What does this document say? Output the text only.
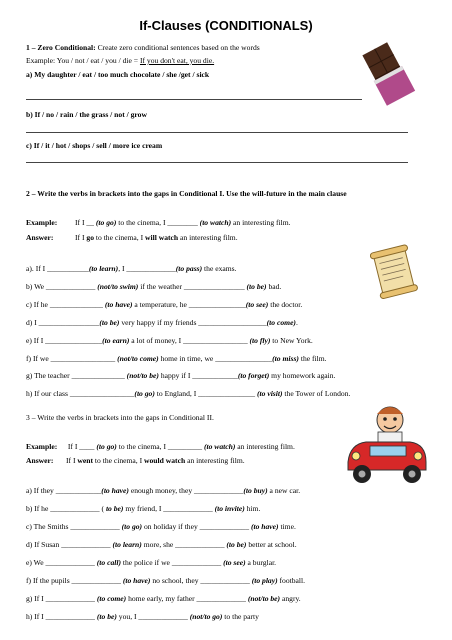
If-Clauses (CONDITIONALS)
1 – Zero Conditional: Create zero conditional sentences based on the words
Example: You / not / eat / you / die = If you don't eat, you die.
a) My daughter / eat / too much chocolate / she /get / sick
b) If / no / rain / the grass / not / grow
c) If / it / hot / shops / sell / more ice cream
2 – Write the verbs in brackets into the gaps in Conditional I. Use the will-future in the main clause
Example: If I __ (to go) to the cinema, I ________ (to watch) an interesting film.
Answer:	If I go to the cinema, I will watch an interesting film.
a). If I ___________(to learn), I _____________(to pass) the exams.
b) We _____________ (not/to swim) if the weather ________________ (to be) bad.
c) If he ______________ (to have) a temperature, he _______________(to see) the doctor.
d) I ________________(to be) very happy if my friends __________________(to come).
e) If I _______________(to earn) a lot of money, I _________________ (to fly) to New York.
f) If we _________________ (not/to come) home in time, we _______________(to miss) the film.
g) The teacher ______________ (not/to be) happy if I ____________(to forget) my homework again.
h) If our class _________________(to go) to England, I _______________ (to visit) the Tower of London.
3 – Write the verbs in brackets into the gaps in Conditional II.
Example: If I ____ (to go) to the cinema, I _________ (to watch) an interesting film.
Answer: If I went to the cinema, I would watch an interesting film.
a) If they ____________(to have) enough money, they _____________(to buy) a new car.
b) If he _____________ ( to be) my friend, I _____________ (to invite) him.
c) The Smiths _____________ (to go) on holiday if they _____________ (to have) time.
d) If Susan _____________ (to learn) more, she _____________ (to be) better at school.
e) We _____________ (to call) the police if we _____________ (to see) a burglar.
f) If the pupils _____________ (to have) no school, they _____________ (to play) football.
g) If I _____________ (to come) home early, my father _____________ (not/to be) angry.
h) If I _____________ (to be) you, I _____________ (not/to go) to the party
